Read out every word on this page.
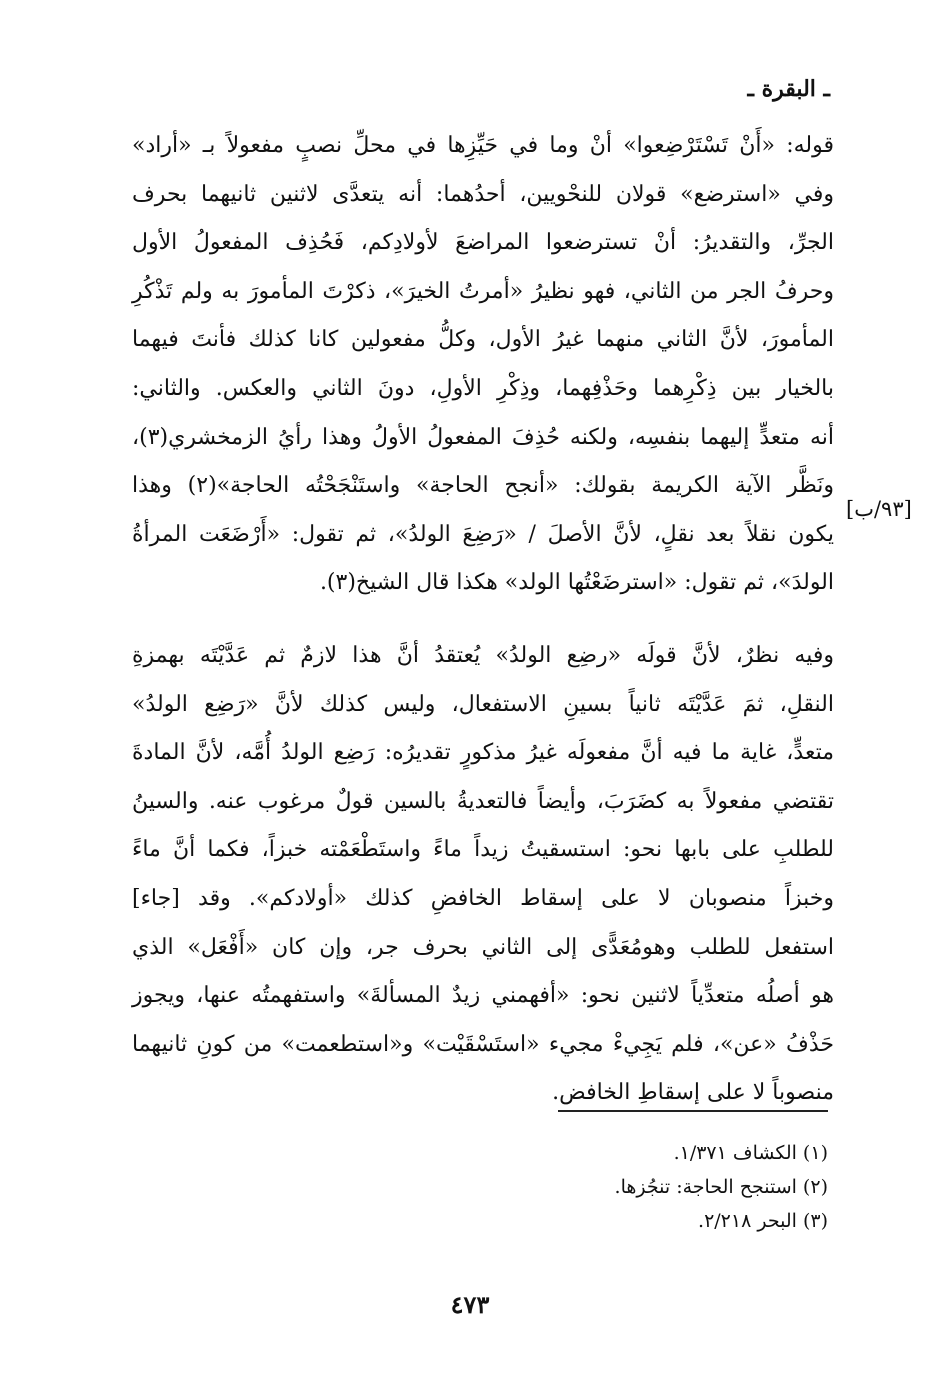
ـ البقرة ـ
قوله: «أَنْ تَسْتَرْضِعوا» أنْ وما في حَيِّزِها في محلِّ نصبٍ مفعولاً بـ «أراد»
وفي «استرضع» قولان للنحْويين، أحدُهما: أنه يتعدَّى لاثنين ثانيهما بحرف
الجرِّ، والتقديرُ: أنْ تسترضعوا المراضعَ لأولادِكم، فَحُذِف المفعولُ الأول
وحرفُ الجر من الثاني، فهو نظيرُ «أمرتُ الخيرَ»، ذكرْتَ المأمورَ به ولم تَذْكُرِ
المأمورَ، لأنَّ الثاني منهما غيرُ الأول، وكلُّ مفعولين كانا كذلك فأنتَ فيهما
بالخيار بين ذِكْرِهما وحَذْفِهما، وذِكْرِ الأولِ، دونَ الثاني والعكس. والثاني:
أنه متعدٍّ إليهما بنفسِه، ولكنه حُذِفَ المفعولُ الأولُ وهذا رأيُ الزمخشري(٣)،
ونَظَّر الآية الكريمة بقولك: «أنجح الحاجة» واستَنْجَحْتُه الحاجة»(٢) وهذا
يكون نقلاً بعد نقلٍ، لأنَّ الأصلَ / «رَضِعَ الولدُ»، ثم تقول: «أَرْضَعَت المرأةُ
الولدَ»، ثم تقول: «استرضَعْتُها الولد» هكذا قال الشيخ(٣).
وفيه نظرٌ، لأنَّ قولَه «رضِع الولدُ» يُعتقدُ أنَّ هذا لازمٌ ثم عَدَّيْتَه بهمزةِ
النقلِ، ثمَ عَدَّيْتَه ثانياً بسينِ الاستفعال، وليس كذلك لأنَّ «رَضِع الولدُ»
متعدٍّ، غاية ما فيه أنَّ مفعولَه غيرُ مذكورٍ تقديرُه: رَضِع الولدُ أُمَّه، لأنَّ المادةَ
تقتضي مفعولاً به كضَرَبَ، وأيضاً فالتعديةُ بالسين قولٌ مرغوب عنه. والسينُ
للطلبِ على بابها نحو: استسقيتُ زيداً ماءً واستَطْعَمْته خبزاً، فكما أنَّ ماءً
وخبزاً منصوبان لا على إسقاط الخافضِ كذلك «أولادكم». وقد [جاء]
استفعل للطلب وهومُعَدًّى إلى الثاني بحرف جر، وإن كان «أَفْعَل» الذي
هو أصلُه متعدِّياً لاثنين نحو: «أفهمني زيدٌ المسألةَ» واستفهمتُه عنها، ويجوز
حَذْفُ «عن»، فلم يَجِيءْ مجيء «استَسْقَيْت» و«استطعمت» من كونِ ثانيهما
منصوباً لا على إسقاطِ الخافض.
[٩٣/ب]
(١) الكشاف ١/٣٧١.
(٢) استنجح الحاجة: تنجُزها.
(٣) البحر ٢/٢١٨.
٤٧٣
